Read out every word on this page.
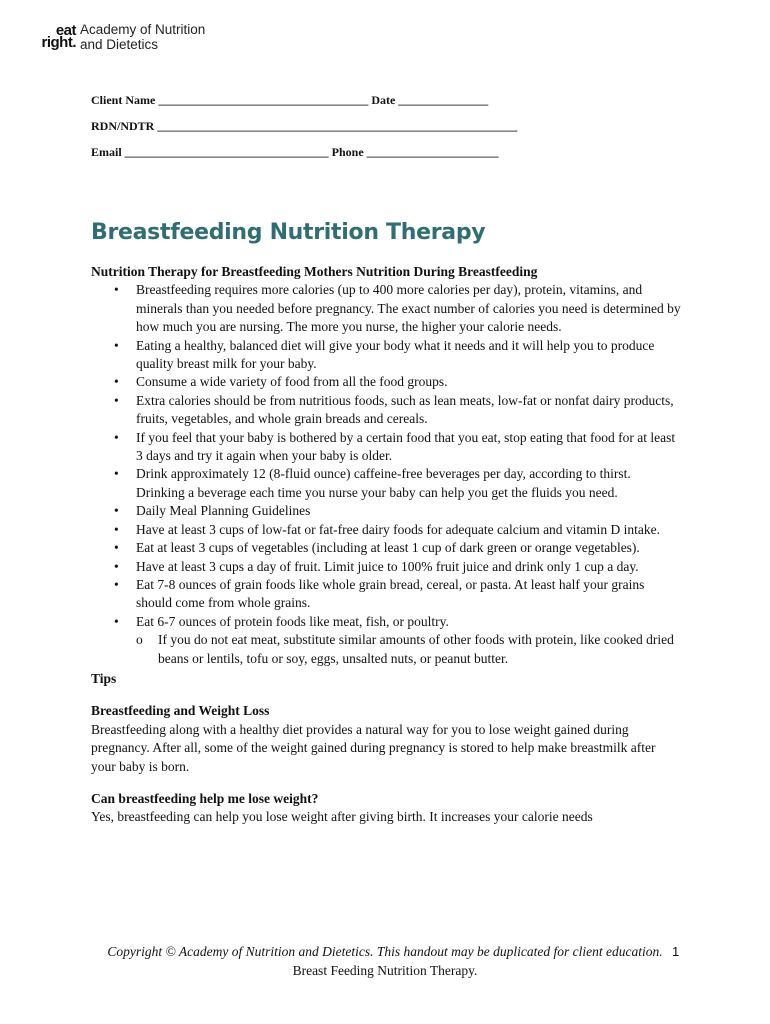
eat
right.
Academy of Nutrition
and Dietetics
Client Name ___________________________________ Date _______________
RDN/NDTR ____________________________________________________________
Email __________________________________ Phone ______________________
Breastfeeding Nutrition Therapy

Nutrition Therapy for Breastfeeding Mothers Nutrition During Breastfeeding

• Breastfeeding requires more calories (up to 400 more calories per day), protein, vitamins, and minerals than you needed before pregnancy. The exact number of calories you need is determined by how much you are nursing. The more you nurse, the higher your calorie needs.
• Eating a healthy, balanced diet will give your body what it needs and it will help you to produce quality breast milk for your baby.
• Consume a wide variety of food from all the food groups.
• Extra calories should be from nutritious foods, such as lean meats, low-fat or nonfat dairy products, fruits, vegetables, and whole grain breads and cereals.
• If you feel that your baby is bothered by a certain food that you eat, stop eating that food for at least 3 days and try it again when your baby is older.
• Drink approximately 12 (8-fluid ounce) caffeine-free beverages per day, according to thirst. Drinking a beverage each time you nurse your baby can help you get the fluids you need.
• Daily Meal Planning Guidelines
• Have at least 3 cups of low-fat or fat-free dairy foods for adequate calcium and vitamin D intake.
• Eat at least 3 cups of vegetables (including at least 1 cup of dark green or orange vegetables).
• Have at least 3 cups a day of fruit. Limit juice to 100% fruit juice and drink only 1 cup a day.
• Eat 7-8 ounces of grain foods like whole grain bread, cereal, or pasta. At least half your grains should come from whole grains.
• Eat 6-7 ounces of protein foods like meat, fish, or poultry.
o If you do not eat meat, substitute similar amounts of other foods with protein, like cooked dried beans or lentils, tofu or soy, eggs, unsalted nuts, or peanut butter.

Tips

Breastfeeding and Weight Loss

Breastfeeding along with a healthy diet provides a natural way for you to lose weight gained during pregnancy. After all, some of the weight gained during pregnancy is stored to help make breastmilk after your baby is born.

Can breastfeeding help me lose weight?

Yes, breastfeeding can help you lose weight after giving birth. It increases your calorie needs

Copyright © Academy of Nutrition and Dietetics. This handout may be duplicated for client education. Breast Feeding Nutrition Therapy.
1
